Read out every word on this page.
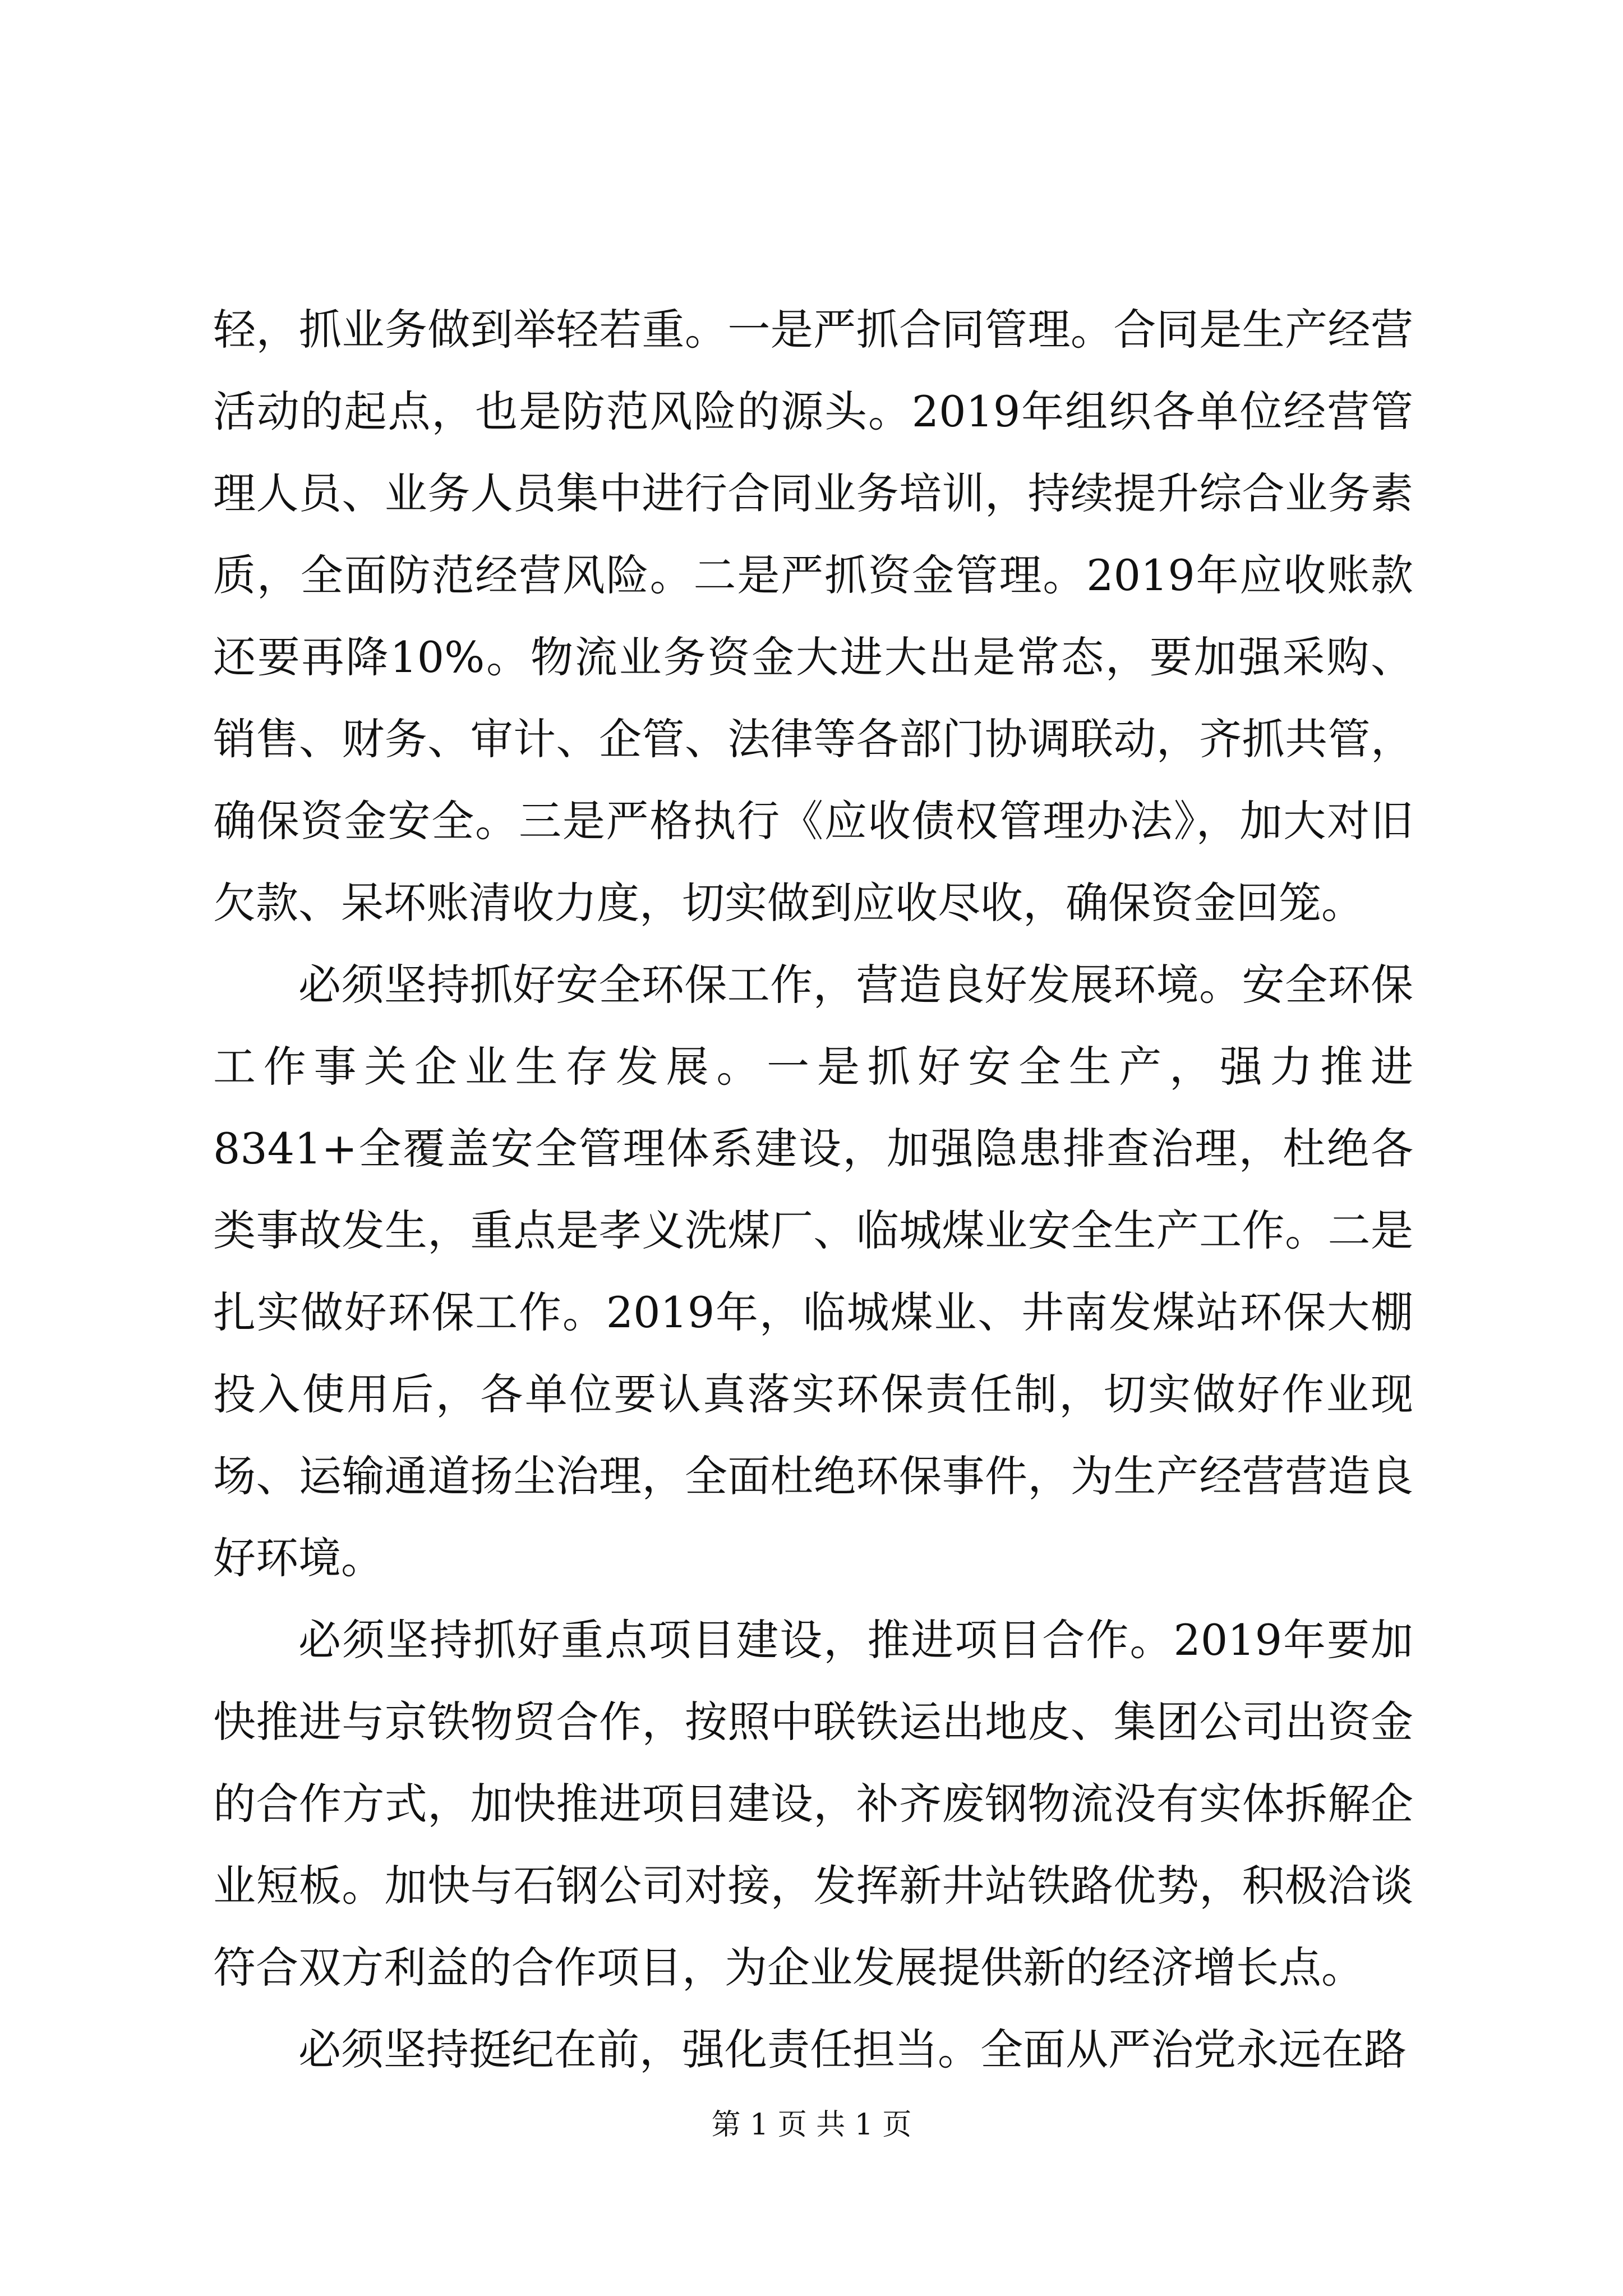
轻，抓业务做到举轻若重。一是严抓合同管理。合同是生产经营活动的起点，也是防范风险的源头。2019年组织各单位经营管理人员、业务人员集中进行合同业务培训，持续提升综合业务素质，全面防范经营风险。二是严抓资金管理。2019年应收账款还要再降10%。物流业务资金大进大出是常态，要加强采购、销售、财务、审计、企管、法律等各部门协调联动，齐抓共管，确保资金安全。三是严格执行《应收债权管理办法》，加大对旧欠款、呆坏账清收力度，切实做到应收尽收，确保资金回笼。

必须坚持抓好安全环保工作，营造良好发展环境。安全环保工作事关企业生存发展。一是抓好安全生产，强力推进8341+全覆盖安全管理体系建设，加强隐患排查治理，杜绝各类事故发生，重点是孝义洗煤厂、临城煤业安全生产工作。二是扎实做好环保工作。2019年，临城煤业、井南发煤站环保大棚投入使用后，各单位要认真落实环保责任制，切实做好作业现场、运输通道扬尘治理，全面杜绝环保事件，为生产经营营造良好环境。

必须坚持抓好重点项目建设，推进项目合作。2019年要加快推进与京铁物贸合作，按照中联铁运出地皮、集团公司出资金的合作方式，加快推进项目建设，补齐废钢物流没有实体拆解企业短板。加快与石钢公司对接，发挥新井站铁路优势，积极洽谈符合双方利益的合作项目，为企业发展提供新的经济增长点。

必须坚持挺纪在前，强化责任担当。全面从严治党永远在路

第 1 页 共 1 页
